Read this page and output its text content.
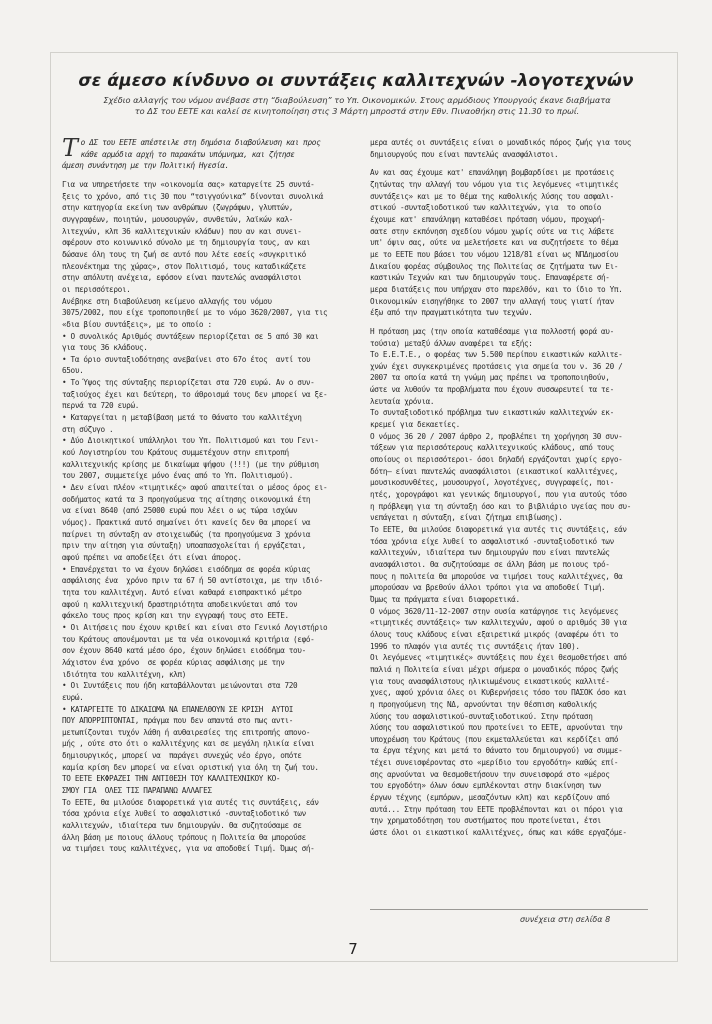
σε άμεσο κίνδυνο οι συντάξεις καλλιτεχνών -λογοτεχνών
Σχέδιο αλλαγής του νόμου ανέβασε στη “διαβούλευση” το Υπ. Οικονομικών. Στους αρμόδιους Υπουργούς έκανε διαβήματα
το ΔΣ του ΕΕΤΕ και καλεί σε κινητοποίηση στις 3 Μάρτη μπροστά στην Εθν. Πιναοθήκη στις 11.30 το πρωί.
Τ ο ΔΣ του ΕΕΤΕ απέστειλε στη δημόσια διαβούλευση και προς

κάθε αρμόδια αρχή το παρακάτω υπόμνημα, και ζήτησε

άμεση συνάντηση με την Πολιτική Ηγεσία.

Για να υπηρετήσετε την «οικονομία σας» καταργείτε 25 συντά-

ξεις το χρόνο, από τις 30 που “τσιγγούνικα” δίνονται συνολικά

στην κατηγορία εκείνη των ανθρώπων (ζωγράφων, γλυπτών,

συγγραφέων, ποιητών, μουσουργών, συνθετών, λαϊκών καλ-

λιτεχνών, κλπ 36 καλλιτεχνικών κλάδων) που αν και συνει-

σφέρουν στο κοινωνικό σύνολο με τη δημιουργία τους, αν και

δώσανε όλη τους τη ζωή σε αυτό που λέτε εσείς «συγκριτικό

πλεονέκτημα της χώρας», στον Πολιτισμό, τους καταδικάζετε

στην απόλυτη ανέχεια, εφόσον είναι παντελώς ανασφάλιστοι

οι περισσότεροι.

Ανέβηκε στη διαβούλευση κείμενο αλλαγής του νόμου

3075/2002, που είχε τροποποιηθεί με το νόμο 3620/2007, για τις

«δια βίου συντάξεις», με το οποίο :

• Ο συνολικός Αριθμός συντάξεων περιορίζεται σε 5 από 30 και

για τους 36 κλάδους.

• Τα όριο συνταξιοδότησης ανεβαίνει στο 67ο έτος  αντί του

65ου.

• Το Ύψος της σύνταξης περιορίζεται στα 720 ευρώ. Αν ο συν-

ταξιούχος έχει και δεύτερη, το άθροισμά τους δεν μπορεί να ξε-

περνά τα 720 ευρώ.

• Καταργείται η μεταβίβαση μετά το θάνατο του καλλιτέχνη

στη σύζυγο .

• Δύο Διοικητικοί υπάλληλοι του Υπ. Πολιτισμού και του Γενι-

κού Λογιστηρίου του Κράτους συμμετέχουν στην επιτροπή

καλλιτεχνικής κρίσης με δικαίωμα ψήφου (!!!) (με την ρύθμιση

του 2007, συμμετείχε μόνο ένας από το Υπ. Πολιτισμού).

• Δεν είναι πλέον «τιμητικές» αφού απαιτείται ο μέσος όρος ει-

σοδήματος κατά τα 3 προηγούμενα της αίτησης οικονομικά έτη

να είναι 8640 (από 25000 ευρώ που λέει ο ως τώρα ισχύων

νόμος). Πρακτικά αυτό σημαίνει ότι κανείς δεν θα μπορεί να

παίρνει τη σύνταξη αν στοιχειωδώς (τα προηγούμενα 3 χρόνια

πριν την αίτηση για σύνταξη) υποαπασχολείται ή εργάζεται,

αφού πρέπει να αποδείξει ότι είναι άπορος.

• Επανέρχεται το να έχουν δηλώσει εισόδημα σε φορέα κύριας

ασφάλισης ένα  χρόνο πριν τα 67 ή 50 αντίστοιχα, με την ιδιό-

τητα του καλλιτέχνη. Αυτό είναι καθαρά εισπρακτικό μέτρο

αφού η καλλιτεχνική δραστηριότητα αποδεικνύεται από τον

φάκελο τους προς κρίση και την εγγραφή τους στο ΕΕΤΕ.

• Οι Αιτήσεις που έχουν κριθεί και είναι στο Γενικό Λογιστήριο

του Κράτους απονέμονται με τα νέα οικονομικά κριτήρια (εφό-

σον έχουν 8640 κατά μέσο όρο, έχουν δηλώσει εισόδημα του-

λάχιστον ένα χρόνο  σε φορέα κύριας ασφάλισης με την

ιδιότητα του καλλιτέχνη, κλπ)

• Οι Συντάξεις που ήδη καταβάλλονται μειώνονται στα 720

ευρώ.

• ΚΑΤΑΡΓΕΙΤΕ ΤΟ ΔΙΚΑΙΩΜΑ ΝΑ ΕΠΑΝΕΛΘΟΥΝ ΣΕ ΚΡΙΣΗ  ΑΥΤΟΙ

ΠΟΥ ΑΠΟΡΡΙΠΤΟΝΤΑΙ, πράγμα που δεν απαντά στο πως αντι-

μετωπίζονται τυχόν λάθη ή αυθαιρεσίες της επιτροπής απονο-

μής , ούτε στο ότι ο καλλιτέχνης και σε μεγάλη ηλικία είναι

δημιουργικός, μπορεί να  παράγει συνεχώς νέο έργο, οπότε

καμία κρίση δεν μπορεί να είναι οριστική για όλη τη ζωή του.

ΤΟ ΕΕΤΕ ΕΚΦΡΑΖΕΙ ΤΗΝ ΑΝΤΙΘΕΣΗ ΤΟΥ ΚΑΛΛΙΤΕΧΝΙΚΟΥ ΚΟ-

ΣΜΟΥ ΓΙΑ  ΟΛΕΣ ΤΙΣ ΠΑΡΑΠΑΝΩ ΑΛΛΑΓΕΣ

Το ΕΕΤΕ, θα μιλούσε διαφορετικά για αυτές τις συντάξεις, εάν

τόσα χρόνια είχε λυθεί το ασφαλιστικό -συνταξιοδοτικό των

καλλιτεχνών, ιδιαίτερα των δημιουργών. Θα συζητούσαμε σε

άλλη βάση με ποιους άλλους τρόπους η Πολιτεία θα μπορούσε

να τιμήσει τους καλλιτέχνες, για να αποδοθεί Τιμή. Όμως σή-

μερα αυτές οι συντάξεις είναι ο μοναδικός πόρος ζωής για τους

δημιουργούς που είναι παντελώς ανασφάλιστοι.

Αν και σας έχουμε κατ' επανάληψη βομβαρδίσει με προτάσεις

ζητώντας την αλλαγή του νόμου για τις λεγόμενες «τιμητικές

συντάξεις» και με το θέμα της καθολικής λύσης του ασφαλι-

στικού -συνταξιοδοτικού των καλλιτεχνών, για  το οποίο

έχουμε κατ' επανάληψη καταθέσει πρόταση νόμου, προχωρή-

σατε στην εκπόνηση σχεδίου νόμου χωρίς ούτε να τις λάβετε

υπ' όψιν σας, ούτε να μελετήσετε και να συζητήσετε το θέμα

με το ΕΕΤΕ που βάσει του νόμου 1218/81 είναι ως ΝΠΔημοσίου

Δικαίου φορέας σύμβουλος της Πολιτείας σε ζητήματα των Ει-

καστικών Τεχνών και των δημιουργών τους. Επαναφέρετε σή-

μερα διατάξεις που υπήρχαν στο παρελθόν, και το ίδιο το Υπ.

Οικονομικών εισηγήθηκε το 2007 την αλλαγή τους γιατί ήταν

έξω από την πραγματικότητα των τεχνών.

Η πρόταση μας (την οποία καταθέσαμε για πολλοστή φορά αυ-

τούσια) μεταξύ άλλων αναφέρει τα εξής:

Το Ε.Ε.Τ.Ε., ο φορέας των 5.500 περίπου εικαστικών καλλιτε-

χνών έχει συγκεκριμένες προτάσεις για σημεία του ν. 36 20 /

2007 τα οποία κατά τη γνώμη μας πρέπει να τροποποιηθούν,

ώστε να λυθούν τα προβλήματα που έχουν συσσωρευτεί τα τε-

λευταία χρόνια.

Το συνταξιοδοτικό πρόβλημα των εικαστικών καλλιτεχνών εκ-

κρεμεί για δεκαετίες.

Ο νόμος 36 20 / 2007 άρθρο 2, προβλέπει τη χορήγηση 30 συν-

τάξεων για περισσότερους καλλιτεχνικούς κλάδους, από τους

οποίους οι περισσότεροι- όσοι δηλαδή εργάζονται χωρίς εργο-

δότη– είναι παντελώς ανασφάλιστοι (εικαστικοί καλλιτέχνες,

μουσικοσυνθέτες, μουσουργοί, λογοτέχνες, συγγραφείς, ποι-

ητές, χορογράφοι και γενικώς δημιουργοί, που για αυτούς τόσο

η πρόβλεψη για τη σύνταξη όσο και το βιβλιάριο υγείας που συ-

νεπάγεται η σύνταξη, είναι ζήτημα επιβίωσης).

Το ΕΕΤΕ, θα μιλούσε διαφορετικά για αυτές τις συντάξεις, εάν

τόσα χρόνια είχε λυθεί το ασφαλιστικό -συνταξιοδοτικό των

καλλιτεχνών, ιδιαίτερα των δημιουργών που είναι παντελώς

ανασφάλιστοι. Θα συζητούσαμε σε άλλη βάση με ποιους τρό-

πους η πολιτεία θα μπορούσε να τιμήσει τους καλλιτέχνες, Θα

μπορούσαν να βρεθούν άλλοι τρόποι για να αποδοθεί Τιμή.

Όμως τα πράγματα είναι διαφορετικά.

Ο νόμος 3620/11-12-2007 στην ουσία κατάργησε τις λεγόμενες

«τιμητικές συντάξεις» των καλλιτεχνών, αφού ο αριθμός 30 για

όλους τους κλάδους είναι εξαιρετικά μικρός (αναφέρω ότι το

1996 το πλαφόν για αυτές τις συντάξεις ήταν 100).

Οι λεγόμενες «τιμητικές» συντάξεις που έχει θεσμοθετήσει από

παλιά η Πολιτεία είναι μέχρι σήμερα ο μοναδικός πόρος ζωής

για τους ανασφάλιστους ηλικιωμένους εικαστικούς καλλιτέ-

χνες, αφού χρόνια όλες οι Κυβερνήσεις τόσο του ΠΑΣΟΚ όσο και

η προηγούμενη της ΝΔ, αρνούνται την θέσπιση καθολικής

λύσης του ασφαλιστικού-συνταξιοδοτικού. Στην πρόταση

λύσης του ασφαλιστικού που προτείνει το ΕΕΤΕ, αρνούνται την

υποχρέωση του Κράτους (που εκμεταλλεύεται και κερδίζει από

τα έργα τέχνης και μετά το θάνατο του δημιουργού) να συμμε-

τέχει συνεισφέροντας στο «μερίδιο του εργοδότη» καθώς επί-

σης αρνούνται να θεσμοθετήσουν την συνεισφορά στο «μέρος

του εργοδότη» όλων όσων εμπλέκονται στην διακίνηση των

έργων τέχνης (εμπόρων, μεσαζόντων κλπ) και κερδίζουν από

αυτά... Στην πρόταση του ΕΕΤΕ προβλέπονται και οι πόροι για

την χρηματοδότηση του συστήματος που προτείνεται, έτσι

ώστε όλοι οι εικαστικοί καλλιτέχνες, όπως και κάθε εργαζόμε-

συνέχεια στη σελίδα 8
7
